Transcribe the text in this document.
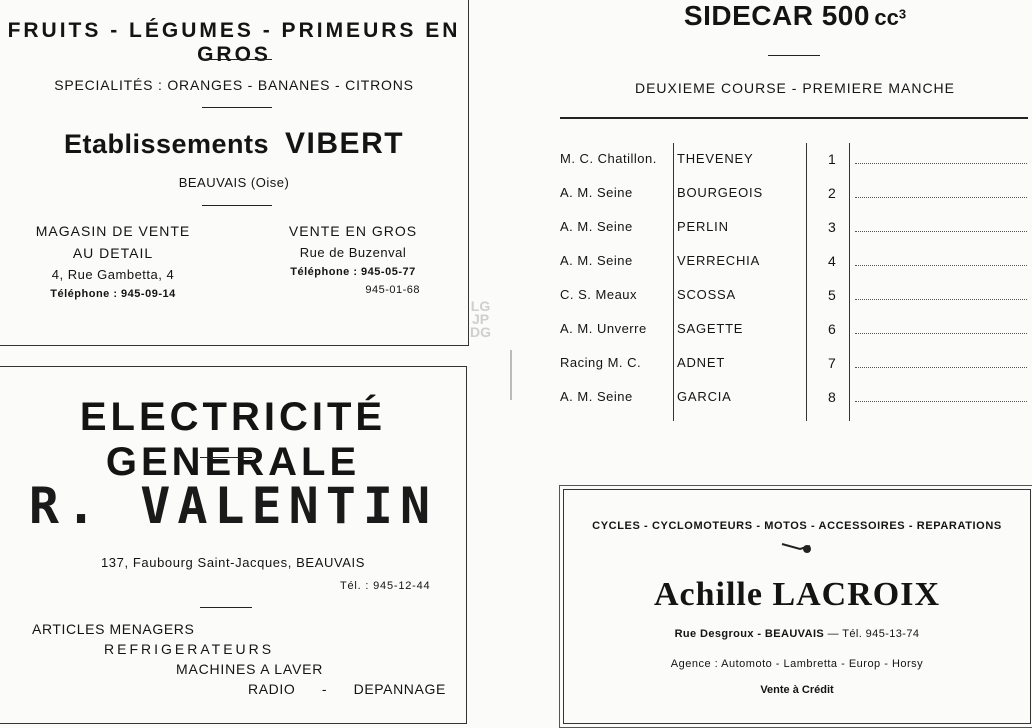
FRUITS - LÉGUMES - PRIMEURS EN GROS
SPECIALITÉS : ORANGES - BANANES - CITRONS
Etablissements VIBERT
BEAUVAIS (Oise)
MAGASIN DE VENTE
AU DETAIL
4, Rue Gambetta, 4
Téléphone : 945-09-14
VENTE EN GROS
Rue de Buzenval
Téléphone : 945-05-77
945-01-68
ELECTRICITÉ GENERALE
R. VALENTIN
137, Faubourg Saint-Jacques, BEAUVAIS
Tél. : 945-12-44
ARTICLES MENAGERS
REFRIGERATEURS
MACHINES A LAVER
RADIO - DEPANNAGE
LG
JP
DG
SIDECAR 500 $cc^3$
DEUXIEME COURSE - PREMIERE MANCHE
M. C. Chatillon. THEVENEY	1
A. M. Seine	BOURGEOIS	2
A. M. Seine	PERLIN	3
A. M. Seine	VERRECHIA	4
C. S. Meaux	SCOSSA	5
A. M. Unverre SAGETTE	6
Racing M. C.	ADNET	7
A. M. Seine	GARCIA	8
CYCLES - CYCLOMOTEURS - MOTOS - ACCESSOIRES - REPARATIONS
Achille LACROIX
Rue Desgroux - BEAUVAIS — Tél. 945-13-74
Agence : Automoto - Lambretta - Europ - Horsy
Vente à Crédit
